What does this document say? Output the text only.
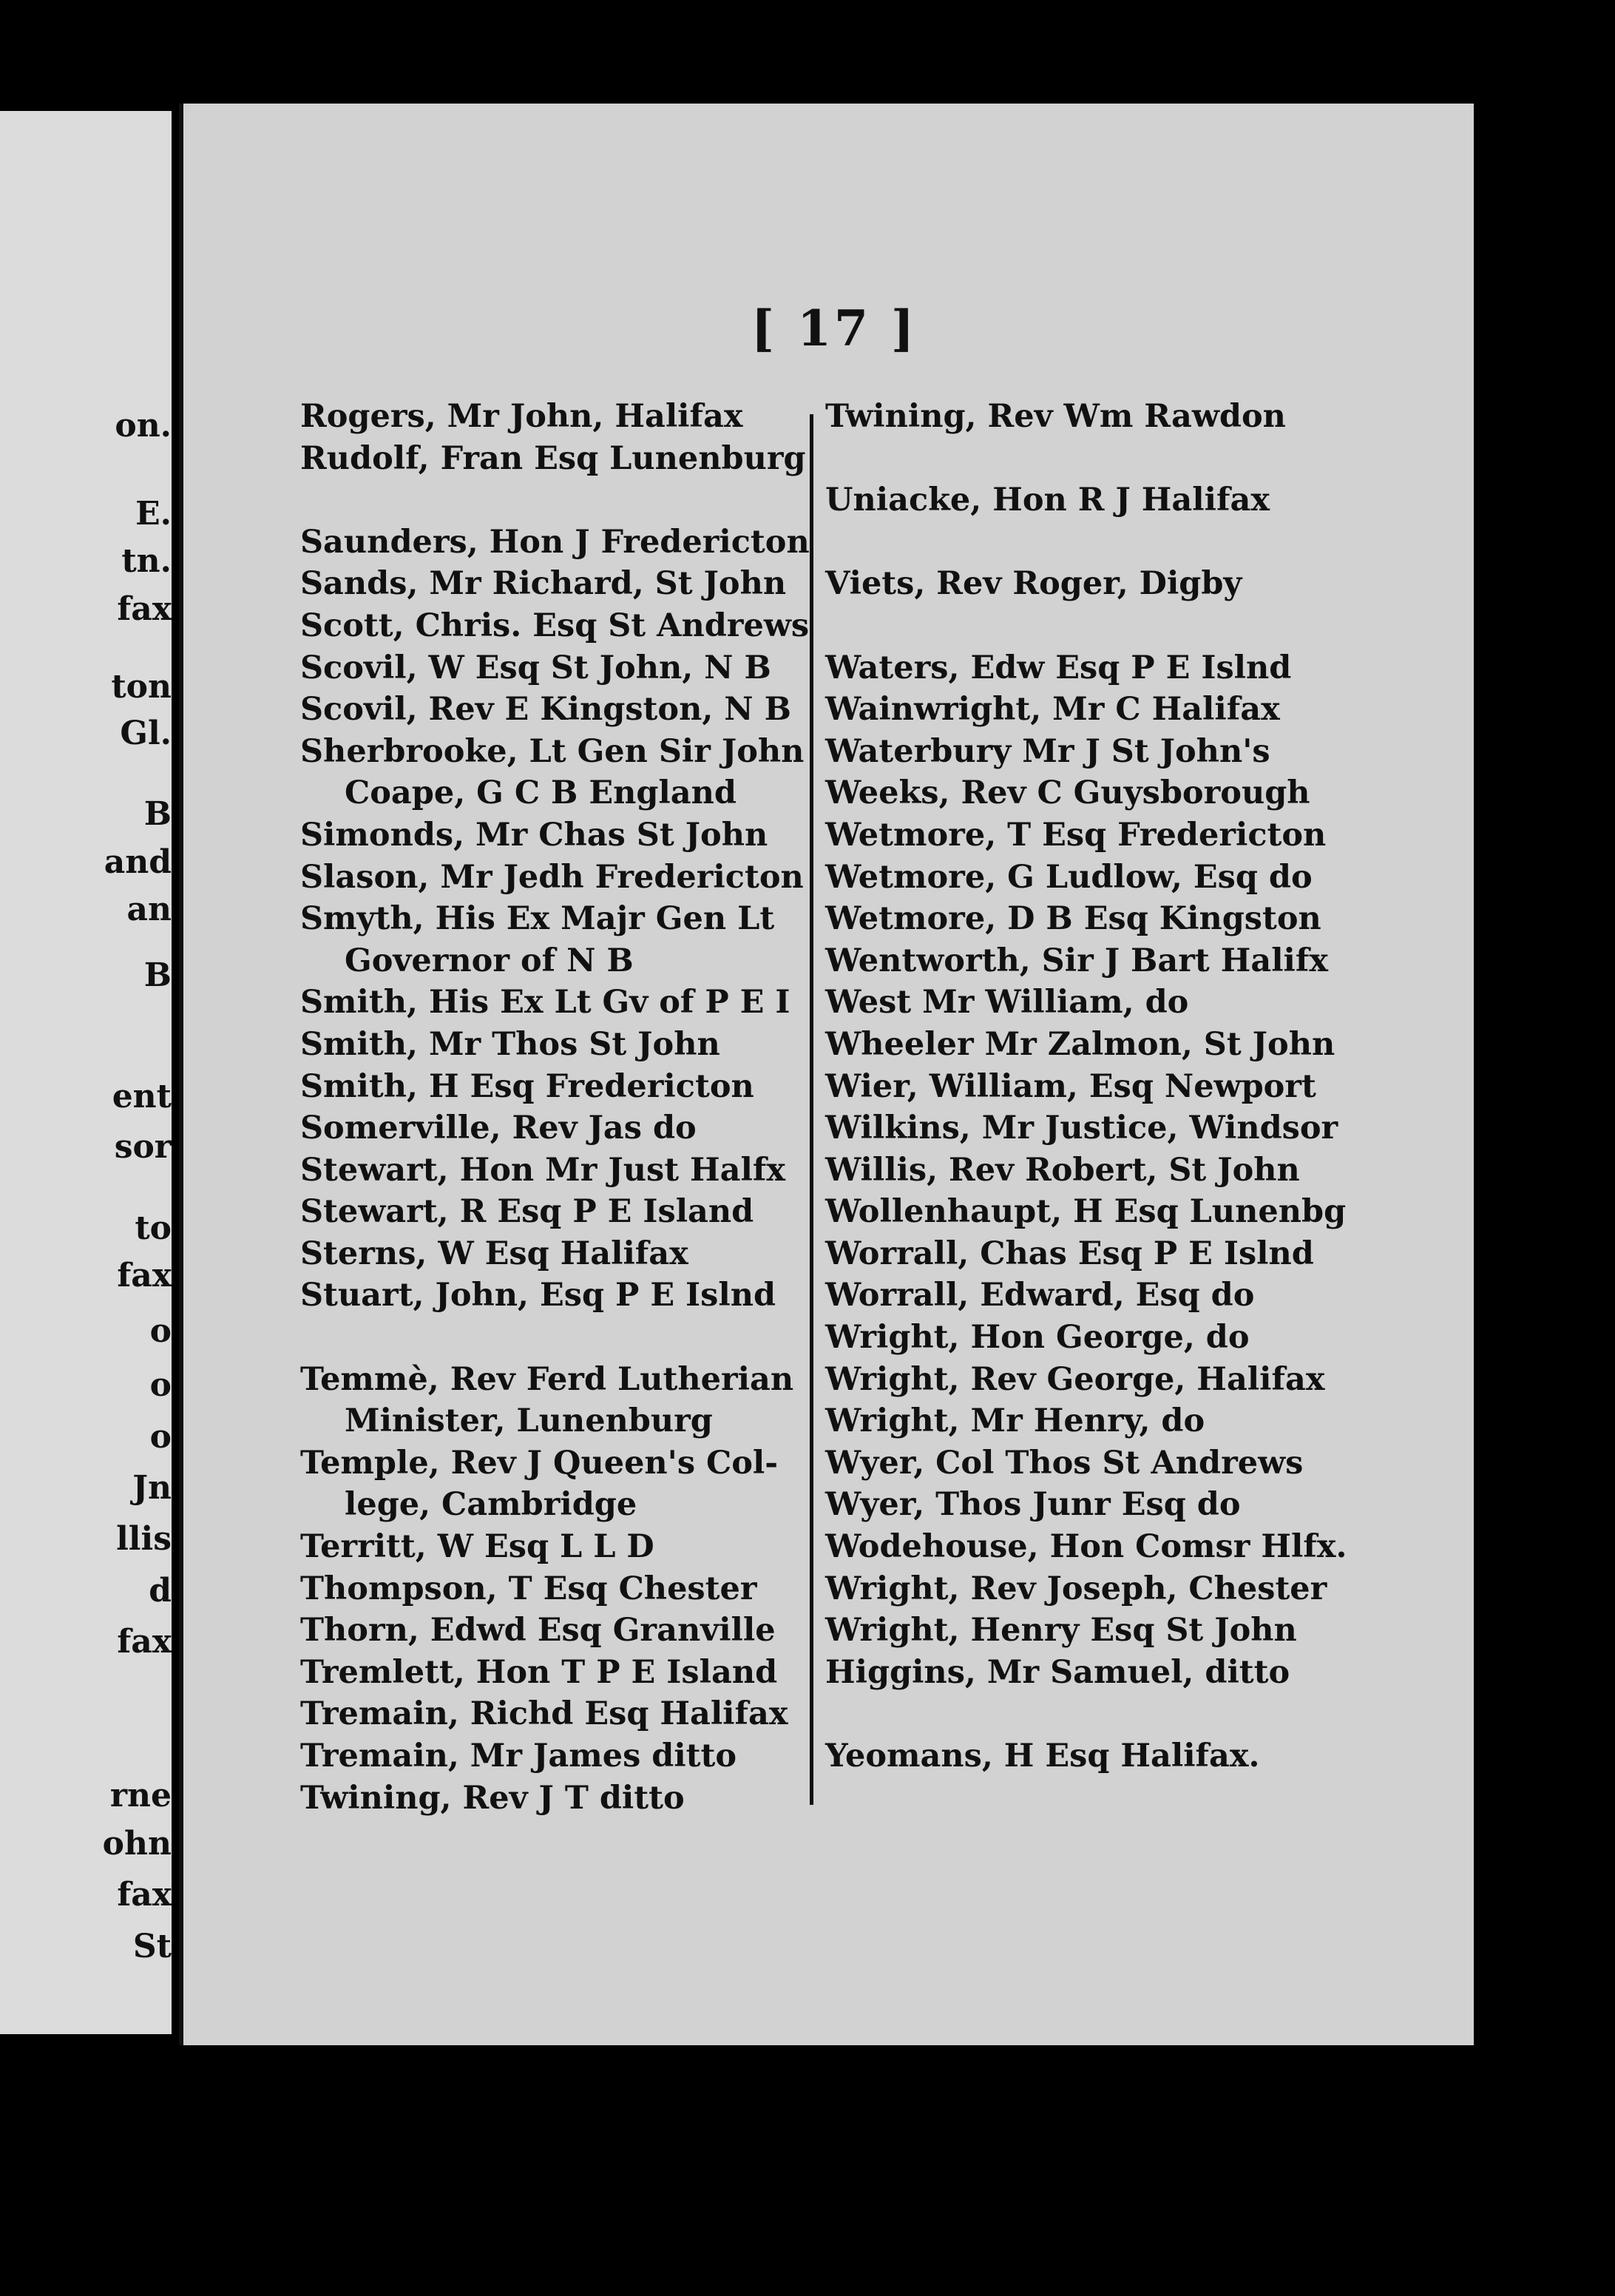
on.
E.
tn.
fax
ton
Gl.
B
and
an
B
ent
sor
to
fax
o
o
o
Jn
llis
d
fax
rne
ohn
fax
St
[ 17 ]
Rogers, Mr John, Halifax
Rudolf, Fran Esq Lunenburg
Saunders, Hon J Fredericton
Sands, Mr Richard, St John
Scott, Chris. Esq St Andrews
Scovil, W Esq St John, N B
Scovil, Rev E Kingston, N B
Sherbrooke, Lt Gen Sir John
Coape, G C B England
Simonds, Mr Chas St John
Slason, Mr Jedh Fredericton
Smyth, His Ex Majr Gen Lt
Governor of N B
Smith, His Ex Lt Gv of P E I
Smith, Mr Thos St John
Smith, H Esq Fredericton
Somerville, Rev Jas do
Stewart, Hon Mr Just Halfx
Stewart, R Esq P E Island
Sterns, W Esq Halifax
Stuart, John, Esq P E Islnd
Temmè, Rev Ferd Lutherian
Minister, Lunenburg
Temple, Rev J Queen's Col-
lege, Cambridge
Territt, W Esq L L D
Thompson, T Esq Chester
Thorn, Edwd Esq Granville
Tremlett, Hon T P E Island
Tremain, Richd Esq Halifax
Tremain, Mr James ditto
Twining, Rev J T ditto
Twining, Rev Wm Rawdon
Uniacke, Hon R J Halifax
Viets, Rev Roger, Digby
Waters, Edw Esq P E Islnd
Wainwright, Mr C Halifax
Waterbury Mr J St John's
Weeks, Rev C Guysborough
Wetmore, T Esq Fredericton
Wetmore, G Ludlow, Esq do
Wetmore, D B Esq Kingston
Wentworth, Sir J Bart Halifx
West Mr William, do
Wheeler Mr Zalmon, St John
Wier, William, Esq Newport
Wilkins, Mr Justice, Windsor
Willis, Rev Robert, St John
Wollenhaupt, H Esq Lunenbg
Worrall, Chas Esq P E Islnd
Worrall, Edward, Esq do
Wright, Hon George, do
Wright, Rev George, Halifax
Wright, Mr Henry, do
Wyer, Col Thos St Andrews
Wyer, Thos Junr Esq do
Wodehouse, Hon Comsr Hlfx.
Wright, Rev Joseph, Chester
Wright, Henry Esq St John
Higgins, Mr Samuel, ditto
Yeomans, H Esq Halifax.
